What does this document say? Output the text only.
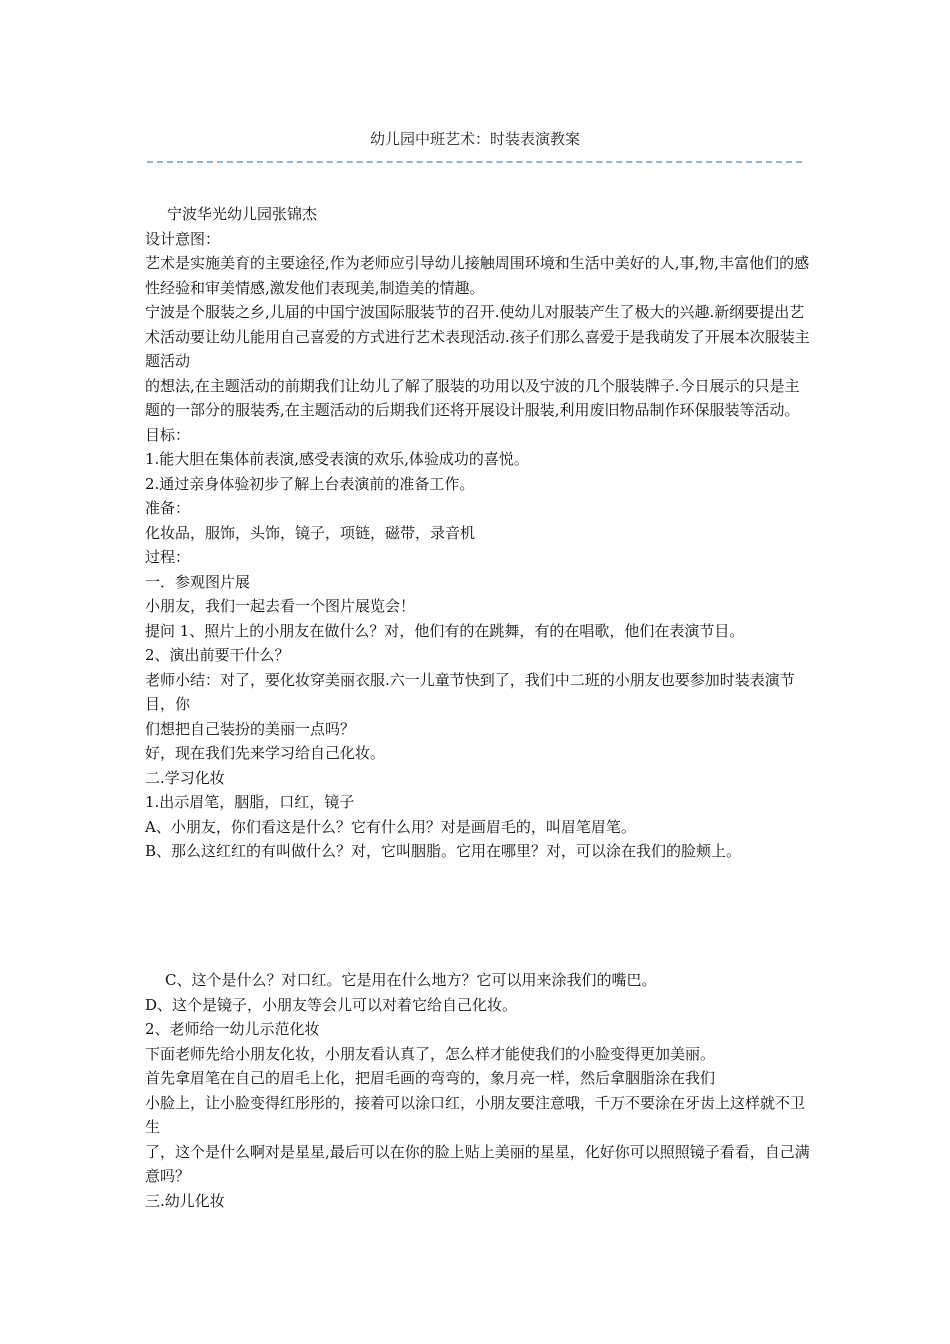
幼儿园中班艺术：时装表演教案

宁波华光幼儿园张锦杰

设计意图：

艺术是实施美育的主要途径,作为老师应引导幼儿接触周围环境和生活中美好的人,事,物,丰富他们的感性经验和审美情感,激发他们表现美,制造美的情趣。

宁波是个服装之乡,儿届的中国宁波国际服装节的召开.使幼儿对服装产生了极大的兴趣.新纲要提出艺术活动要让幼儿能用自己喜爱的方式进行艺术表现活动.孩子们那么喜爱于是我萌发了开展本次服装主题活动

的想法,在主题活动的前期我们让幼儿了解了服装的功用以及宁波的几个服装牌子.今日展示的只是主题的一部分的服装秀,在主题活动的后期我们还将开展设计服装,利用废旧物品制作环保服装等活动。

目标：

1.能大胆在集体前表演,感受表演的欢乐,体验成功的喜悦。

2.通过亲身体验初步了解上台表演前的准备工作。

准备：

化妆品，服饰，头饰，镜子，项链，磁带，录音机

过程：

一．参观图片展

小朋友，我们一起去看一个图片展览会！

提问 1、照片上的小朋友在做什么？对，他们有的在跳舞，有的在唱歌，他们在表演节目。

2、演出前要干什么？

老师小结：对了，要化妆穿美丽衣服.六一儿童节快到了，我们中二班的小朋友也要参加时装表演节目，你

们想把自己装扮的美丽一点吗？

好，现在我们先来学习给自己化妆。

二.学习化妆

1.出示眉笔，胭脂，口红，镜子

A、小朋友，你们看这是什么？它有什么用？对是画眉毛的，叫眉笔眉笔。

B、那么这红红的有叫做什么？对，它叫胭脂。它用在哪里？对，可以涂在我们的脸颊上。

C、这个是什么？对口红。它是用在什么地方？它可以用来涂我们的嘴巴。

D、这个是镜子，小朋友等会儿可以对着它给自己化妆。

2、老师给一幼儿示范化妆

下面老师先给小朋友化妆，小朋友看认真了，怎么样才能使我们的小脸变得更加美丽。

首先拿眉笔在自己的眉毛上化，把眉毛画的弯弯的，象月亮一样，然后拿胭脂涂在我们

小脸上，让小脸变得红彤彤的，接着可以涂口红，小朋友要注意哦，千万不要涂在牙齿上这样就不卫生

了，这个是什么啊对是星星,最后可以在你的脸上贴上美丽的星星，化好你可以照照镜子看看，自己满意吗？

三.幼儿化妆
